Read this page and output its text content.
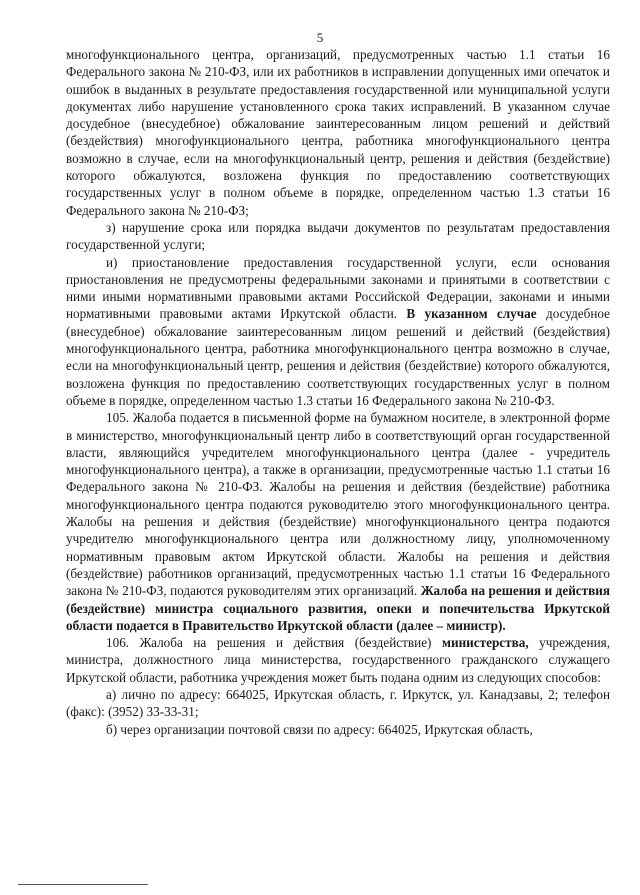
5

многофункционального центра, организаций, предусмотренных частью 1.1 статьи 16 Федерального закона № 210-ФЗ, или их работников в исправлении допущенных ими опечаток и ошибок в выданных в результате предоставления государственной или муниципальной услуги документах либо нарушение установленного срока таких исправлений. В указанном случае досудебное (внесудебное) обжалование заинтересованным лицом решений и действий (бездействия) многофункционального центра, работника многофункционального центра возможно в случае, если на многофункциональный центр, решения и действия (бездействие) которого обжалуются, возложена функция по предоставлению соответствующих государственных услуг в полном объеме в порядке, определенном частью 1.3 статьи 16 Федерального закона № 210-ФЗ;

з) нарушение срока или порядка выдачи документов по результатам предоставления государственной услуги;

и) приостановление предоставления государственной услуги, если основания приостановления не предусмотрены федеральными законами и принятыми в соответствии с ними иными нормативными правовыми актами Российской Федерации, законами и иными нормативными правовыми актами Иркутской области. В указанном случае досудебное (внесудебное) обжалование заинтересованным лицом решений и действий (бездействия) многофункционального центра, работника многофункционального центра возможно в случае, если на многофункциональный центр, решения и действия (бездействие) которого обжалуются, возложена функция по предоставлению соответствующих государственных услуг в полном объеме в порядке, определенном частью 1.3 статьи 16 Федерального закона № 210-ФЗ.

105. Жалоба подается в письменной форме на бумажном носителе, в электронной форме в министерство, многофункциональный центр либо в соответствующий орган государственной власти, являющийся учредителем многофункционального центра (далее - учредитель многофункционального центра), а также в организации, предусмотренные частью 1.1 статьи 16 Федерального закона № 210-ФЗ. Жалобы на решения и действия (бездействие) работника многофункционального центра подаются руководителю этого многофункционального центра. Жалобы на решения и действия (бездействие) многофункционального центра подаются учредителю многофункционального центра или должностному лицу, уполномоченному нормативным правовым актом Иркутской области. Жалобы на решения и действия (бездействие) работников организаций, предусмотренных частью 1.1 статьи 16 Федерального закона № 210-ФЗ, подаются руководителям этих организаций. Жалоба на решения и действия (бездействие) министра социального развития, опеки и попечительства Иркутской области подается в Правительство Иркутской области (далее – министр).

106. Жалоба на решения и действия (бездействие) министерства, учреждения, министра, должностного лица министерства, государственного гражданского служащего Иркутской области, работника учреждения может быть подана одним из следующих способов:

а) лично по адресу: 664025, Иркутская область, г. Иркутск, ул. Канадзавы, 2; телефон (факс): (3952) 33-33-31;

б) через организации почтовой связи по адресу: 664025, Иркутская область,
